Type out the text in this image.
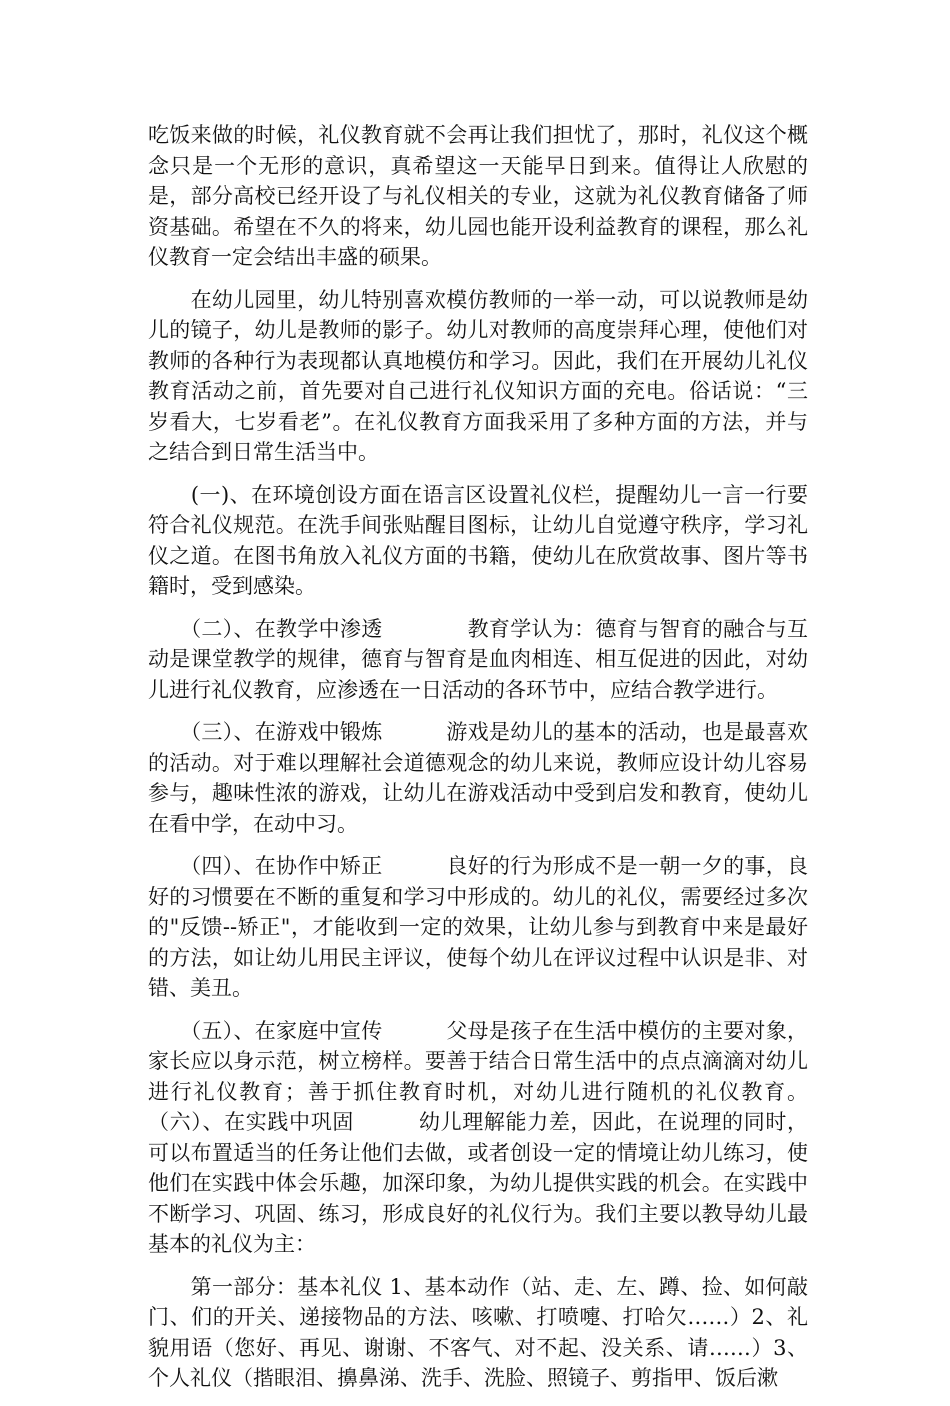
吃饭来做的时候，礼仪教育就不会再让我们担忧了，那时，礼仪这个概念只是一个无形的意识，真希望这一天能早日到来。值得让人欣慰的是，部分高校已经开设了与礼仪相关的专业，这就为礼仪教育储备了师资基础。希望在不久的将来，幼儿园也能开设利益教育的课程，那么礼仪教育一定会结出丰盛的硕果。

　　在幼儿园里，幼儿特别喜欢模仿教师的一举一动，可以说教师是幼儿的镜子，幼儿是教师的影子。幼儿对教师的高度崇拜心理，使他们对教师的各种行为表现都认真地模仿和学习。因此，我们在开展幼儿礼仪教育活动之前，首先要对自己进行礼仪知识方面的充电。俗话说：“三岁看大，七岁看老”。在礼仪教育方面我采用了多种方面的方法，并与之结合到日常生活当中。

　　(一)、在环境创设方面在语言区设置礼仪栏，提醒幼儿一言一行要符合礼仪规范。在洗手间张贴醒目图标，让幼儿自觉遵守秩序，学习礼仪之道。在图书角放入礼仪方面的书籍，使幼儿在欣赏故事、图片等书籍时，受到感染。

　　（二）、在教学中渗透　　　　教育学认为：德育与智育的融合与互动是课堂教学的规律，德育与智育是血肉相连、相互促进的因此，对幼儿进行礼仪教育，应渗透在一日活动的各环节中，应结合教学进行。

　　（三）、在游戏中锻炼　　　游戏是幼儿的基本的活动，也是最喜欢的活动。对于难以理解社会道德观念的幼儿来说，教师应设计幼儿容易参与，趣味性浓的游戏，让幼儿在游戏活动中受到启发和教育，使幼儿在看中学，在动中习。

　　（四）、在协作中矫正　　　良好的行为形成不是一朝一夕的事，良好的习惯要在不断的重复和学习中形成的。幼儿的礼仪，需要经过多次的"反馈--矫正"，才能收到一定的效果，让幼儿参与到教育中来是最好的方法，如让幼儿用民主评议，使每个幼儿在评议过程中认识是非、对错、美丑。

　　（五）、在家庭中宣传　　　父母是孩子在生活中模仿的主要对象，家长应以身示范，树立榜样。要善于结合日常生活中的点点滴滴对幼儿进行礼仪教育；善于抓住教育时机，对幼儿进行随机的礼仪教育。（六）、在实践中巩固　　　幼儿理解能力差，因此，在说理的同时，可以布置适当的任务让他们去做，或者创设一定的情境让幼儿练习，使他们在实践中体会乐趣，加深印象，为幼儿提供实践的机会。在实践中不断学习、巩固、练习，形成良好的礼仪行为。我们主要以教导幼儿最基本的礼仪为主：

　　第一部分：基本礼仪 1、基本动作（站、走、左、蹲、捡、如何敲门、们的开关、递接物品的方法、咳嗽、打喷嚏、打哈欠……）2、礼貌用语（您好、再见、谢谢、不客气、对不起、没关系、请……）3、个人礼仪（揩眼泪、擤鼻涕、洗手、洗脸、照镜子、剪指甲、饭后漱
